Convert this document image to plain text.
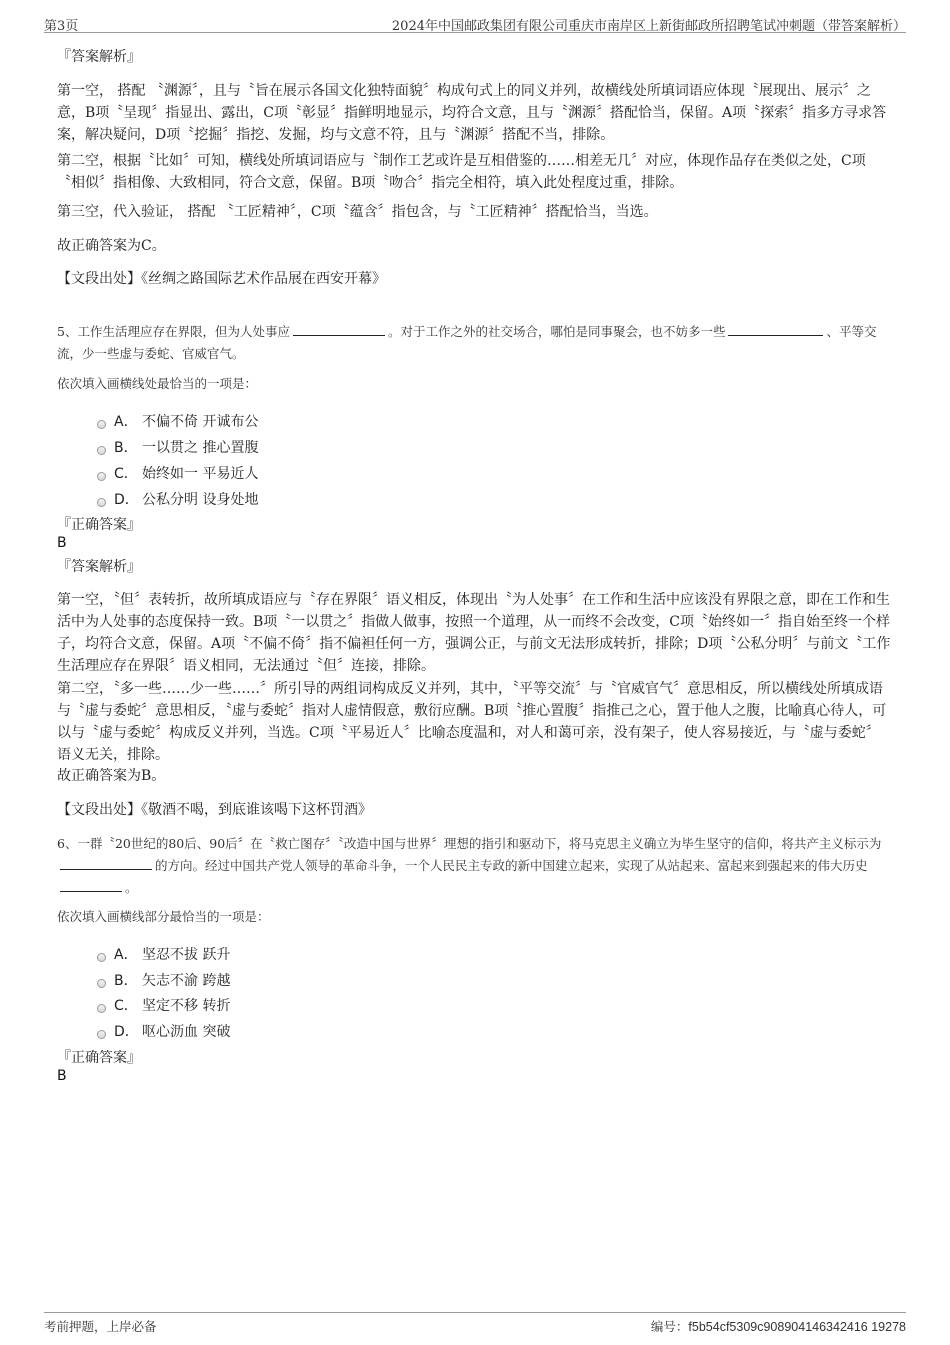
第3页	2024年中国邮政集团有限公司重庆市南岸区上新街邮政所招聘笔试冲刺题（带答案解析）
『答案解析』
第一空， 搭配 〝渊源〞，且与〝旨在展示各国文化独特面貌〞构成句式上的同义并列，故横线处所填词语应体现〝展现出、展示〞之意，B项〝呈现〞指显出、露出，C项〝彰显〞指鲜明地显示，均符合文意，且与〝渊源〞搭配恰当，保留。A项〝探索〞指多方寻求答案，解决疑问，D项〝挖掘〞指挖、发掘，均与文意不符，且与〝渊源〞搭配不当，排除。
第二空，根据〝比如〞可知，横线处所填词语应与〝制作工艺或许是互相借鉴的……相差无几〞对应，体现作品存在类似之处，C项〝相似〞指相像、大致相同，符合文意，保留。B项〝吻合〞指完全相符，填入此处程度过重，排除。
第三空，代入验证， 搭配 〝工匠精神〞，C项〝蕴含〞指包含，与〝工匠精神〞搭配恰当，当选。
故正确答案为C。
【文段出处】《丝绸之路国际艺术作品展在西安开幕》
5、工作生活理应存在界限，但为人处事应	。对于工作之外的社交场合，哪怕是同事聚会，也不妨多一些	、平等交流，少一些虚与委蛇、官威官气。
依次填入画横线处最恰当的一项是：
A． 不偏不倚 开诚布公
B． 一以贯之 推心置腹
C． 始终如一 平易近人
D． 公私分明 设身处地
『正确答案』
B
『答案解析』
第一空，〝但〞表转折，故所填成语应与〝存在界限〞语义相反，体现出〝为人处事〞在工作和生活中应该没有界限之意，即在工作和生活中为人处事的态度保持一致。B项〝一以贯之〞指做人做事，按照一个道理，从一而终不会改变，C项〝始终如一〞指自始至终一个样子，均符合文意，保留。A项〝不偏不倚〞指不偏袒任何一方，强调公正，与前文无法形成转折，排除；D项〝公私分明〞与前文〝工作生活理应存在界限〞语义相同，无法通过〝但〞连接，排除。
第二空，〝多一些……少一些……〞所引导的两组词构成反义并列，其中，〝平等交流〞与〝官威官气〞意思相反，所以横线处所填成语与〝虚与委蛇〞意思相反，〝虚与委蛇〞指对人虚情假意，敷衍应酬。B项〝推心置腹〞指推己之心，置于他人之腹，比喻真心待人，可以与〝虚与委蛇〞构成反义并列，当选。C项〝平易近人〞比喻态度温和，对人和蔼可亲，没有架子，使人容易接近，与〝虚与委蛇〞语义无关，排除。
故正确答案为B。
【文段出处】《敬酒不喝，到底谁该喝下这杯罚酒》
6、一群〝20世纪的80后、90后〞在〝救亡图存〞〝改造中国与世界〞理想的指引和驱动下，将马克思主义确立为毕生坚守的信仰，将共产主义标示为的方向。经过中国共产党人领导的革命斗争，一个人民民主专政的新中国建立起来，实现了从站起来、富起来到强起来的伟大历史。
依次填入画横线部分最恰当的一项是：
A． 坚忍不拔 跃升
B． 矢志不渝 跨越
C． 坚定不移 转折
D． 呕心沥血 突破
『正确答案』
B
考前押题，上岸必备	编号：f5b54cf5309c908904146342416 19278
